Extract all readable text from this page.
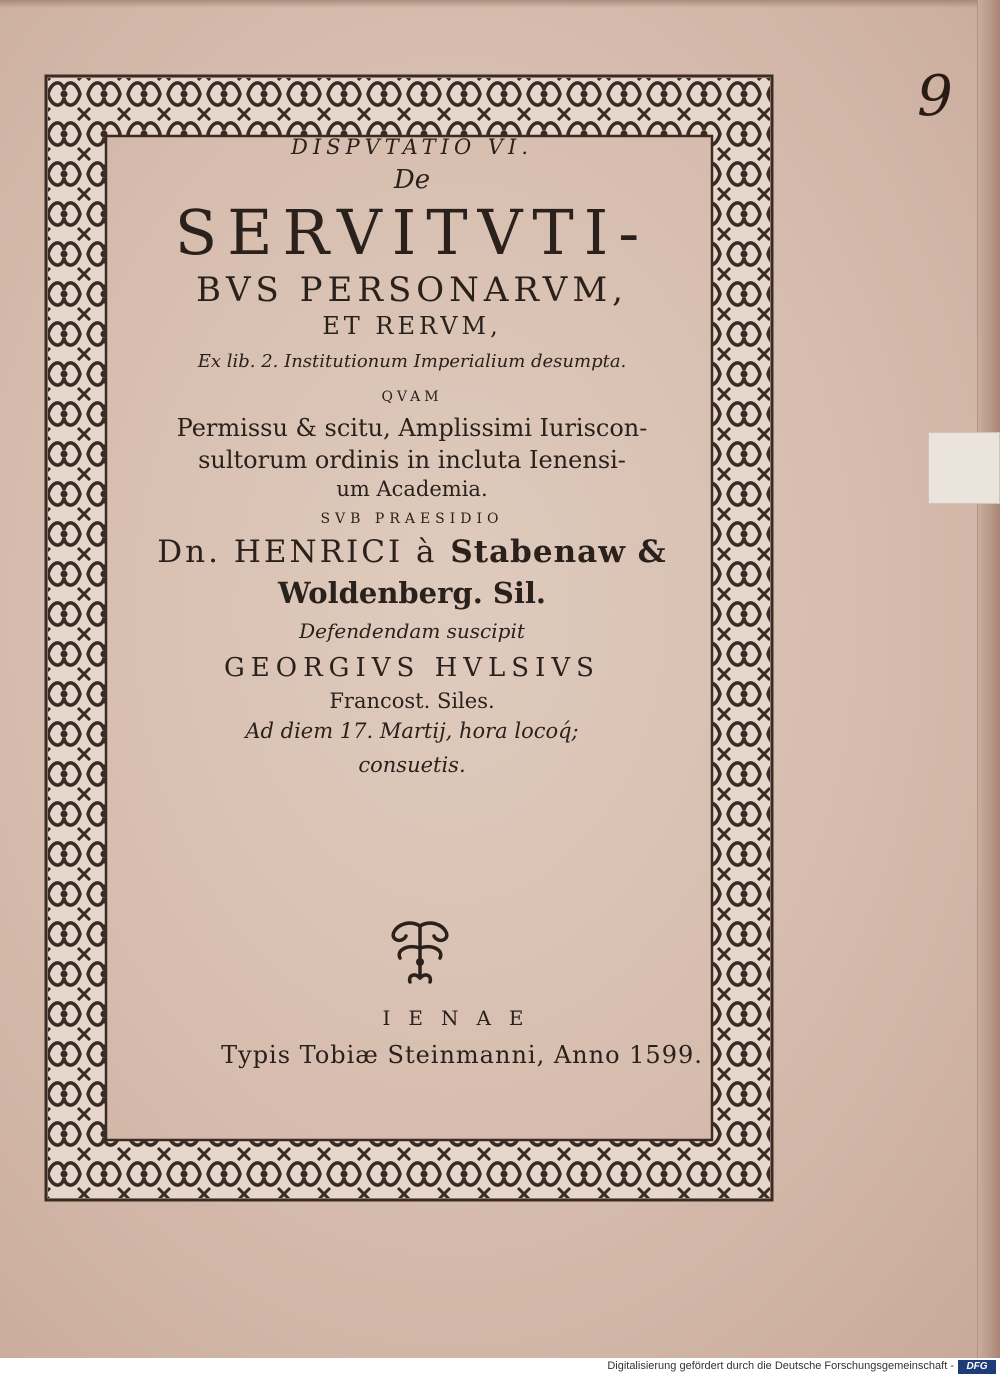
9

DISPVTATIO VI.

De

SERVITVTI-

BVS PERSONARVM,

ET RERVM,

Ex lib. 2. Institutionum Imperialium desumpta.

QVAM

Permissu & scitu, Amplissimi Iuriscon-

sultorum ordinis in incluta Ienensi-

um Academia.

SVB PRAESIDIO

Dn. HENRICI à Stabenaw &

Woldenberg. Sil.

Defendendam suscipit

GEORGIVS HVLSIVS

Francost. Siles.

Ad diem 17. Martij, hora locoq́;

consuetis.

IENAE

Typis Tobiæ Steinmanni, Anno 1599.

Digitalisierung gefördert durch die Deutsche Forschungsgemeinschaft -	DFG
